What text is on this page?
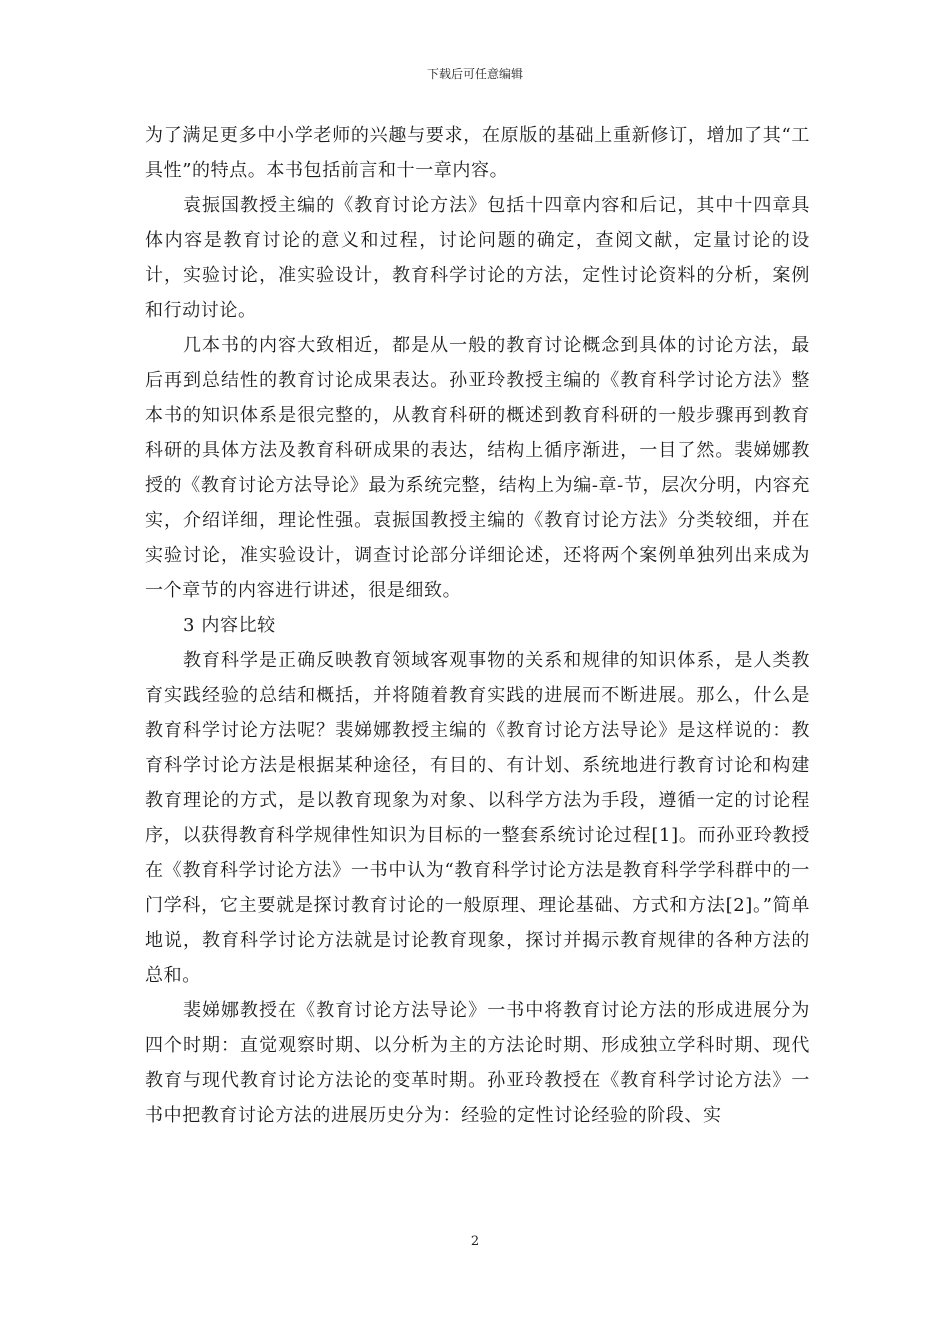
下载后可任意编辑

为了满足更多中小学老师的兴趣与要求，在原版的基础上重新修订，增加了其“工具性”的特点。本书包括前言和十一章内容。

袁振国教授主编的《教育讨论方法》包括十四章内容和后记，其中十四章具体内容是教育讨论的意义和过程，讨论问题的确定，查阅文献，定量讨论的设计，实验讨论，准实验设计，教育科学讨论的方法，定性讨论资料的分析，案例和行动讨论。

几本书的内容大致相近，都是从一般的教育讨论概念到具体的讨论方法，最后再到总结性的教育讨论成果表达。孙亚玲教授主编的《教育科学讨论方法》整本书的知识体系是很完整的，从教育科研的概述到教育科研的一般步骤再到教育科研的具体方法及教育科研成果的表达，结构上循序渐进，一目了然。裴娣娜教授的《教育讨论方法导论》最为系统完整，结构上为编-章-节，层次分明，内容充实，介绍详细，理论性强。袁振国教授主编的《教育讨论方法》分类较细，并在实验讨论，准实验设计，调查讨论部分详细论述，还将两个案例单独列出来成为一个章节的内容进行讲述，很是细致。

3 内容比较

教育科学是正确反映教育领域客观事物的关系和规律的知识体系，是人类教育实践经验的总结和概括，并将随着教育实践的进展而不断进展。那么，什么是教育科学讨论方法呢？裴娣娜教授主编的《教育讨论方法导论》是这样说的：教育科学讨论方法是根据某种途径，有目的、有计划、系统地进行教育讨论和构建教育理论的方式，是以教育现象为对象、以科学方法为手段，遵循一定的讨论程序，以获得教育科学规律性知识为目标的一整套系统讨论过程[1]。而孙亚玲教授在《教育科学讨论方法》一书中认为“教育科学讨论方法是教育科学学科群中的一门学科，它主要就是探讨教育讨论的一般原理、理论基础、方式和方法[2]。”简单地说，教育科学讨论方法就是讨论教育现象，探讨并揭示教育规律的各种方法的总和。

裴娣娜教授在《教育讨论方法导论》一书中将教育讨论方法的形成进展分为四个时期：直觉观察时期、以分析为主的方法论时期、形成独立学科时期、现代教育与现代教育讨论方法论的变革时期。孙亚玲教授在《教育科学讨论方法》一书中把教育讨论方法的进展历史分为：经验的定性讨论经验的阶段、实

2
